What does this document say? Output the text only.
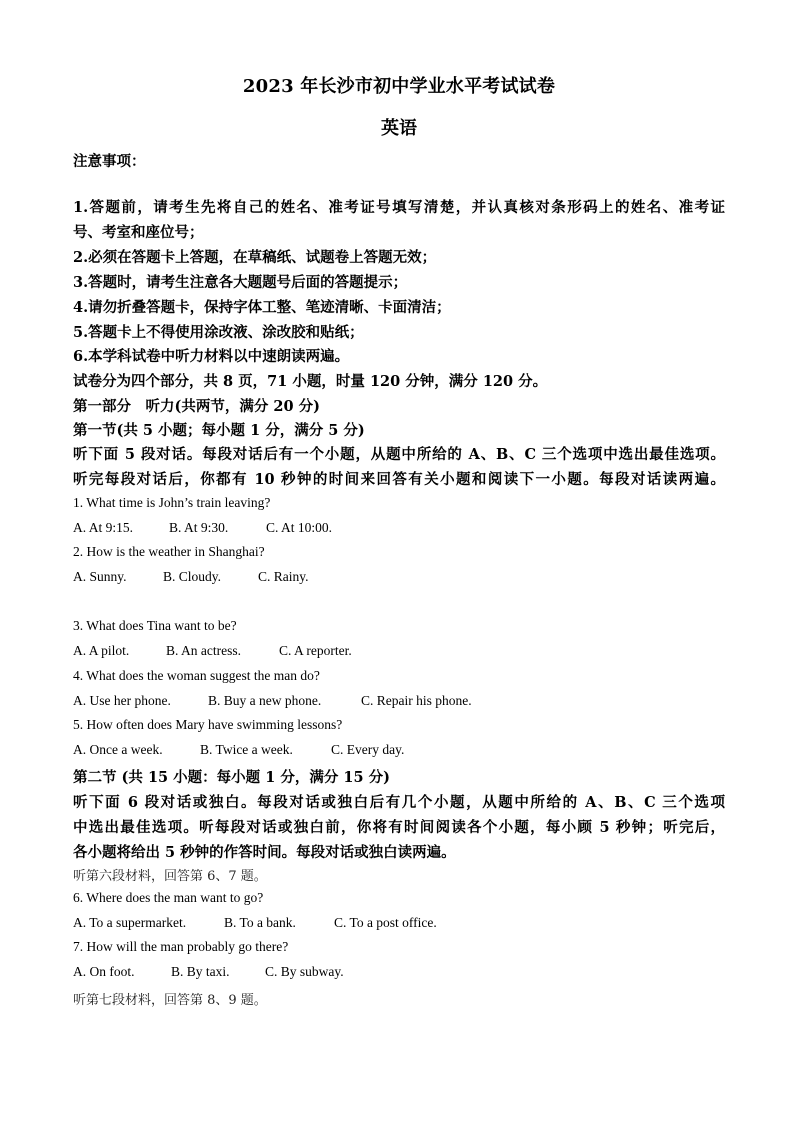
2023 年长沙市初中学业水平考试试卷
英语
注意事项：
1.答题前，请考生先将自己的姓名、准考证号填写清楚，并认真核对条形码上的姓名、准考证
号、考室和座位号；
2.必须在答题卡上答题，在草稿纸、试题卷上答题无效；
3.答题时，请考生注意各大题题号后面的答题提示；
4.请勿折叠答题卡，保持字体工整、笔迹清晰、卡面清洁；
5.答题卡上不得使用涂改液、涂改胶和贴纸；
6.本学科试卷中听力材料以中速朗读两遍。
试卷分为四个部分，共 8 页，71 小题，时量 120 分钟，满分 120 分。
第一部分　听力(共两节，满分 20 分)
第一节(共 5 小题；每小题 1 分，满分 5 分)
听下面 5 段对话。每段对话后有一个小题，从题中所给的 A、B、C 三个选项中选出最佳选项。
听完每段对话后，你都有 10 秒钟的时间来回答有关小题和阅读下一小题。每段对话读两遍。
1. What time is John’s train leaving?
A. At 9:15.	B. At 9:30.	C. At 10:00.
2. How is the weather in Shanghai?
A. Sunny.	B. Cloudy.	C. Rainy.
3. What does Tina want to be?
A. A pilot.	B. An actress.	C. A reporter.
4. What does the woman suggest the man do?
A. Use her phone.	B. Buy a new phone.	C. Repair his phone.
5. How often does Mary have swimming lessons?
A. Once a week.	B. Twice a week.	C. Every day.
第二节 (共 15 小题：每小题 1 分，满分 15 分)
听下面 6 段对话或独白。每段对话或独白后有几个小题，从题中所给的 A、B、C 三个选项
中选出最佳选项。听每段对话或独白前，你将有时间阅读各个小题，每小顾 5 秒钟；听完后，
各小题将给出 5 秒钟的作答时间。每段对话或独白读两遍。
听第六段材料，回答第 6、7 题。
6. Where does the man want to go?
A. To a supermarket.	B. To a bank.	C. To a post office.
7. How will the man probably go there?
A. On foot.	B. By taxi.	C. By subway.
听第七段材料，回答第 8、9 题。
